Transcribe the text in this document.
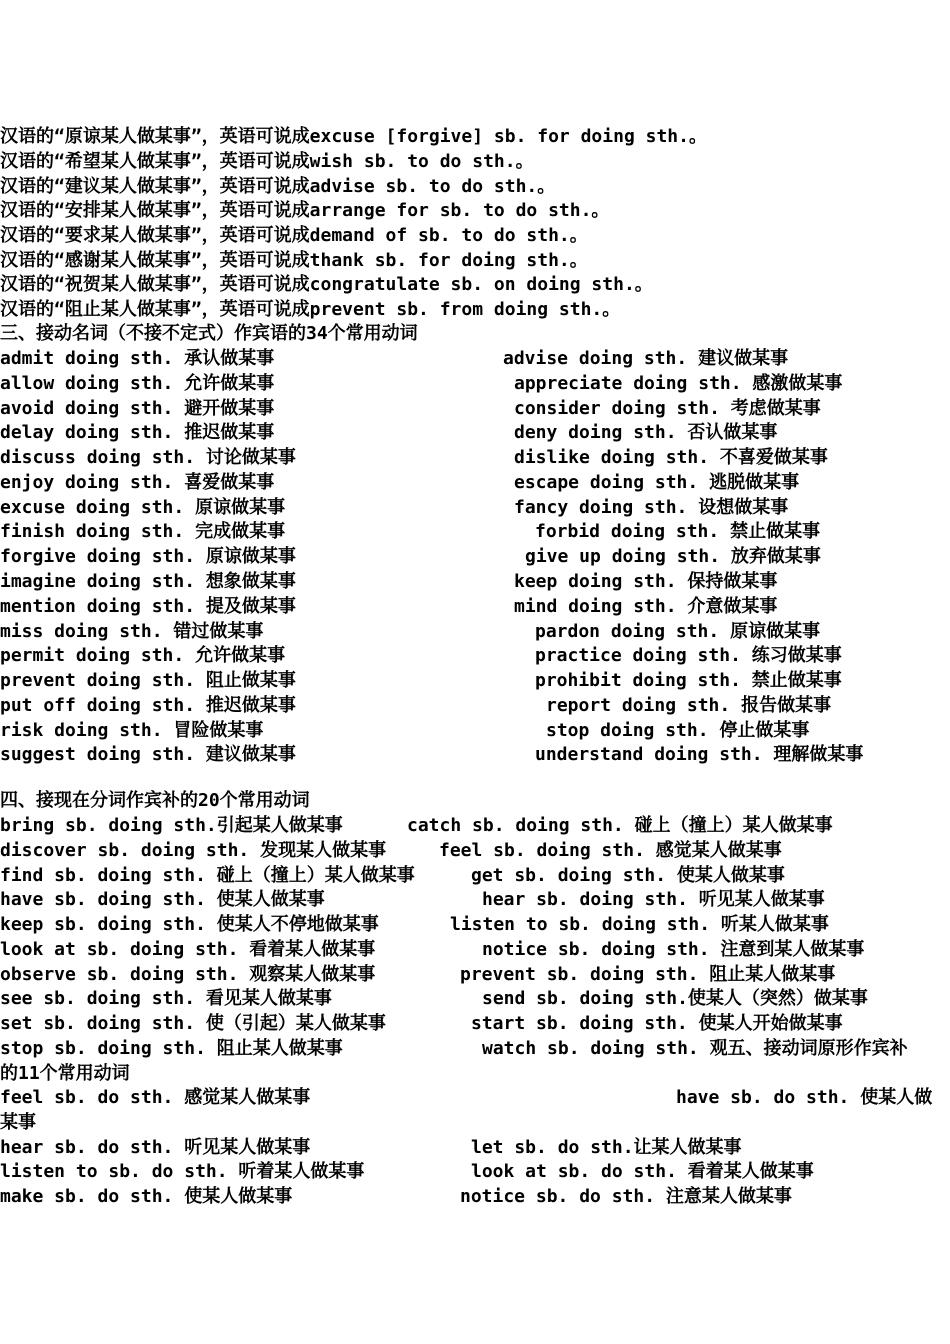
汉语的“原谅某人做某事”，英语可说成excuse [forgive] sb. for doing sth.。
汉语的“希望某人做某事”，英语可说成wish sb. to do sth.。
汉语的“建议某人做某事”，英语可说成advise sb. to do sth.。
汉语的“安排某人做某事”，英语可说成arrange for sb. to do sth.。
汉语的“要求某人做某事”，英语可说成demand of sb. to do sth.。
汉语的“感谢某人做某事”，英语可说成thank sb. for doing sth.。
汉语的“祝贺某人做某事”，英语可说成congratulate sb. on doing sth.。
汉语的“阻止某人做某事”，英语可说成prevent sb. from doing sth.。
三、接动名词（不接不定式）作宾语的34个常用动词
admit doing sth. 承认做某事
allow doing sth. 允许做某事
avoid doing sth. 避开做某事
delay doing sth. 推迟做某事
discuss doing sth. 讨论做某事
enjoy doing sth. 喜爱做某事
excuse doing sth. 原谅做某事
finish doing sth. 完成做某事
forgive doing sth. 原谅做某事
imagine doing sth. 想象做某事
mention doing sth. 提及做某事
miss doing sth. 错过做某事
permit doing sth. 允许做某事
prevent doing sth. 阻止做某事
put off doing sth. 推迟做某事
risk doing sth. 冒险做某事
suggest doing sth. 建议做某事
advise doing sth. 建议做某事
appreciate doing sth. 感激做某事
consider doing sth. 考虑做某事
deny doing sth. 否认做某事
dislike doing sth. 不喜爱做某事
escape doing sth. 逃脱做某事
fancy doing sth. 设想做某事
forbid doing sth. 禁止做某事
give up doing sth. 放弃做某事
keep doing sth. 保持做某事
mind doing sth. 介意做某事
pardon doing sth. 原谅做某事
practice doing sth. 练习做某事
prohibit doing sth. 禁止做某事
report doing sth. 报告做某事
stop doing sth. 停止做某事
understand doing sth. 理解做某事
四、接现在分词作宾补的20个常用动词
bring sb. doing sth.引起某人做某事
discover sb. doing sth. 发现某人做某事
find sb. doing sth. 碰上（撞上）某人做某事
have sb. doing sth. 使某人做某事
keep sb. doing sth. 使某人不停地做某事
look at sb. doing sth. 看着某人做某事
observe sb. doing sth. 观察某人做某事
see sb. doing sth. 看见某人做某事
set sb. doing sth. 使（引起）某人做某事
stop sb. doing sth. 阻止某人做某事
catch sb. doing sth. 碰上（撞上）某人做某事
feel sb. doing sth. 感觉某人做某事
get sb. doing sth. 使某人做某事
hear sb. doing sth. 听见某人做某事
listen to sb. doing sth. 听某人做某事
notice sb. doing sth. 注意到某人做某事
prevent sb. doing sth. 阻止某人做某事
send sb. doing sth.使某人（突然）做某事
start sb. doing sth. 使某人开始做某事
watch sb. doing sth. 观五、接动词原形作宾补
的11个常用动词
feel sb. do sth. 感觉某人做某事	have sb. do sth. 使某人做
某事
hear sb. do sth. 听见某人做某事
listen to sb. do sth. 听着某人做某事
make sb. do sth. 使某人做某事
let sb. do sth.让某人做某事
look at sb. do sth. 看着某人做某事
notice sb. do sth. 注意某人做某事
